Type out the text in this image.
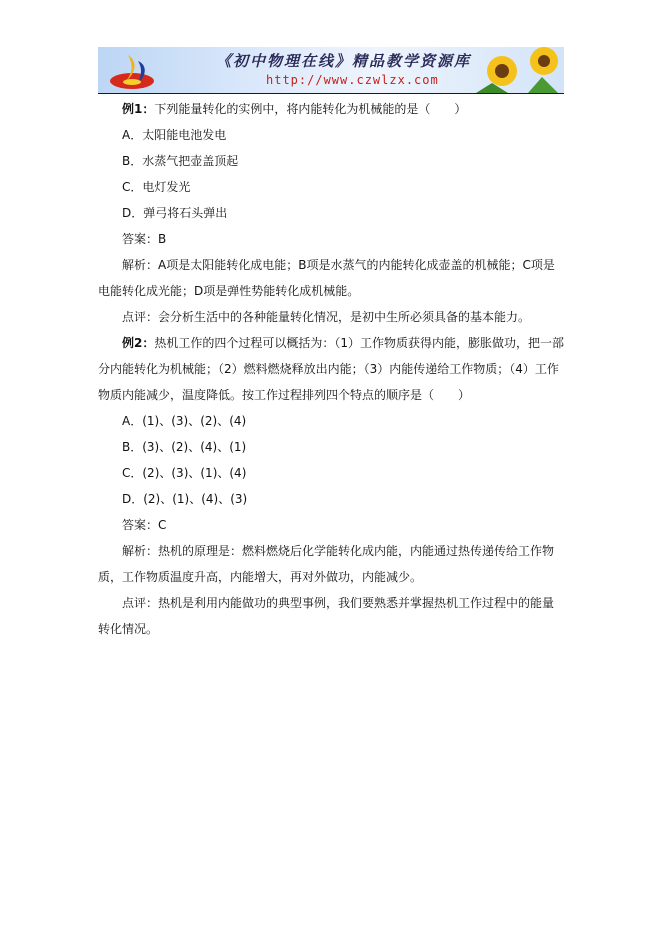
《初中物理在线》精品教学资源库
http://www.czwlzx.com

例1：下列能量转化的实例中，将内能转化为机械能的是（　　）

A．太阳能电池发电

B．水蒸气把壶盖顶起

C．电灯发光

D．弹弓将石头弹出

答案：B

解析：A项是太阳能转化成电能；B项是水蒸气的内能转化成壶盖的机械能；C项是电能转化成光能；D项是弹性势能转化成机械能。

点评：会分析生活中的各种能量转化情况，是初中生所必须具备的基本能力。

例2：热机工作的四个过程可以概括为：（1）工作物质获得内能，膨胀做功，把一部分内能转化为机械能；（2）燃料燃烧释放出内能；（3）内能传递给工作物质；（4）工作物质内能减少，温度降低。按工作过程排列四个特点的顺序是（　　）

A．(1)、(3)、(2)、(4)

B．(3)、(2)、(4)、(1)

C．(2)、(3)、(1)、(4)

D．(2)、(1)、(4)、(3)

答案：C

解析：热机的原理是：燃料燃烧后化学能转化成内能，内能通过热传递传给工作物质，工作物质温度升高，内能增大，再对外做功，内能减少。

点评：热机是利用内能做功的典型事例，我们要熟悉并掌握热机工作过程中的能量转化情况。
